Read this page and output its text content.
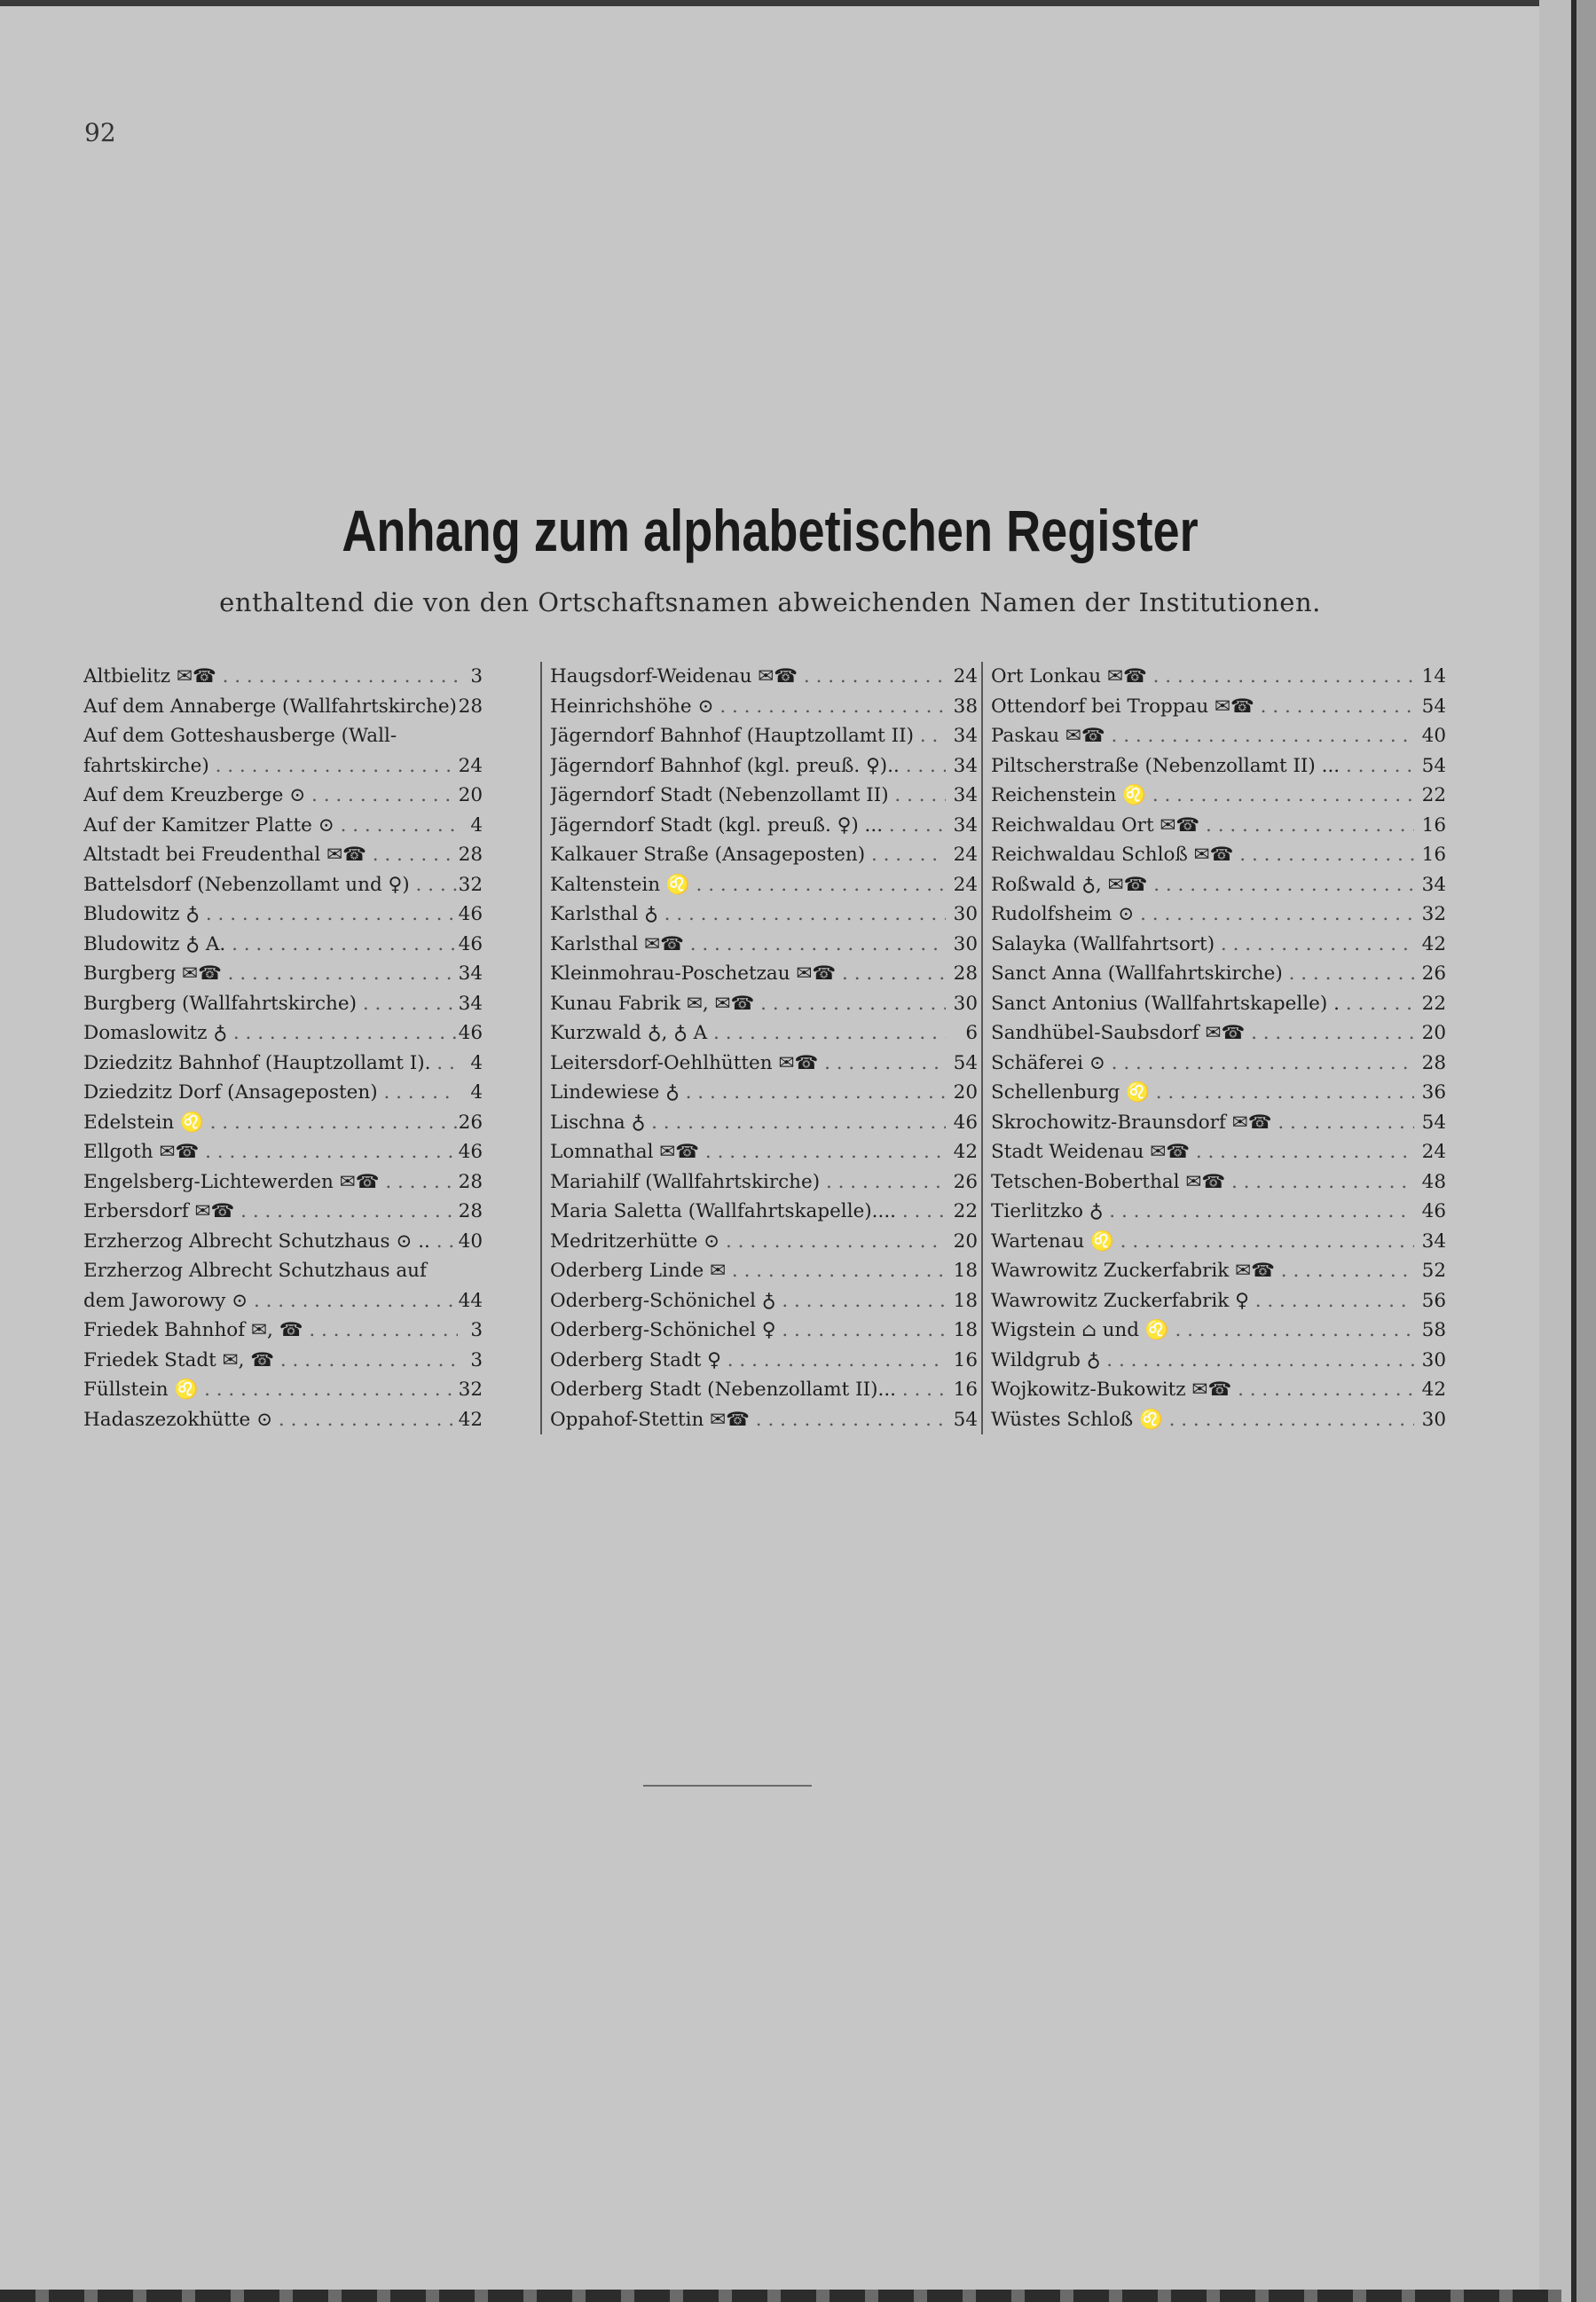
92
Anhang zum alphabetischen Register
enthaltend die von den Ortschaftsnamen abweichenden Namen der Institutionen.
Altbielitz ✉☎ . . .	3
Auf dem Annaberge (Wallfahrtskirche) . . . 28
Auf dem Gotteshausberge (Wall-
fahrtskirche) . . .	24
Auf dem Kreuzberge ⊙ . . .	20
Auf der Kamitzer Platte ⊙ . . .	4
Altstadt bei Freudenthal ✉☎ . . .	28
Battelsdorf (Nebenzollamt und ♀) . . .	32
Bludowitz ♁ . . .	46
Bludowitz ♁ A. . . .	46
Burgberg ✉☎ . . .	34
Burgberg (Wallfahrtskirche) . . .	34
Domaslowitz ♁ . . .	46
Dziedzitz Bahnhof (Hauptzollamt I). . . .	4
Dziedzitz Dorf (Ansageposten) . . .	4
Edelstein ♌ . . .	26
Ellgoth ✉☎ . . .	46
Engelsberg-Lichtewerden ✉☎ . . .	28
Erbersdorf ✉☎ . . .	28
Erzherzog Albrecht Schutzhaus ⊙ .. . . .	40
Erzherzog Albrecht Schutzhaus auf
dem Jaworowy ⊙ . . .	44
Friedek Bahnhof ✉, ☎ . . .	3
Friedek Stadt ✉, ☎ . . .	3
Füllstein ♌ . . .	32
Hadaszezokhütte ⊙ . . .	42
Haugsdorf-Weidenau ✉☎ . . .	24
Heinrichshöhe ⊙ . . .	38
Jägerndorf Bahnhof (Hauptzollamt II) . . .	34
Jägerndorf Bahnhof (kgl. preuß. ♀).. . . .	34
Jägerndorf Stadt (Nebenzollamt II) . . .	34
Jägerndorf Stadt (kgl. preuß. ♀) ... . . .	34
Kalkauer Straße (Ansageposten) . . .	24
Kaltenstein ♌ . . .	24
Karlsthal ♁ . . .	30
Karlsthal ✉☎ . . .	30
Kleinmohrau-Poschetzau ✉☎ . . .	28
Kunau Fabrik ✉, ✉☎ . . .	30
Kurzwald ♁, ♁ A . . .	6
Leitersdorf-Oehlhütten ✉☎ . . .	54
Lindewiese ♁ . . .	20
Lischna ♁ . . .	46
Lomnathal ✉☎ . . .	42
Mariahilf (Wallfahrtskirche) . . .	26
Maria Saletta (Wallfahrtskapelle).... . . .	22
Medritzerhütte ⊙ . . .	20
Oderberg Linde ✉ . . .	18
Oderberg-Schönichel ♁ . . .	18
Oderberg-Schönichel ♀ . . .	18
Oderberg Stadt ♀ . . .	16
Oderberg Stadt (Nebenzollamt II)... . . .	16
Oppahof-Stettin ✉☎ . . .	54
Ort Lonkau ✉☎ . . .	14
Ottendorf bei Troppau ✉☎ . . .	54
Paskau ✉☎ . . .	40
Piltscherstraße (Nebenzollamt II) ... . . .	54
Reichenstein ♌ . . .	22
Reichwaldau Ort ✉☎ . . .	16
Reichwaldau Schloß ✉☎ . . .	16
Roßwald ♁, ✉☎ . . .	34
Rudolfsheim ⊙ . . .	32
Salayka (Wallfahrtsort) . . .	42
Sanct Anna (Wallfahrtskirche) . . .	26
Sanct Antonius (Wallfahrtskapelle) . . . .	22
Sandhübel-Saubsdorf ✉☎ . . .	20
Schäferei ⊙ . . .	28
Schellenburg ♌ . . .	36
Skrochowitz-Braunsdorf ✉☎ . . .	54
Stadt Weidenau ✉☎ . . .	24
Tetschen-Boberthal ✉☎ . . .	48
Tierlitzko ♁ . . .	46
Wartenau ♌ . . .	34
Wawrowitz Zuckerfabrik ✉☎ . . .	52
Wawrowitz Zuckerfabrik ♀ . . .	56
Wigstein ⌂ und ♌ . . .	58
Wildgrub ♁ . . .	30
Wojkowitz-Bukowitz ✉☎ . . .	42
Wüstes Schloß ♌ . . .	30
